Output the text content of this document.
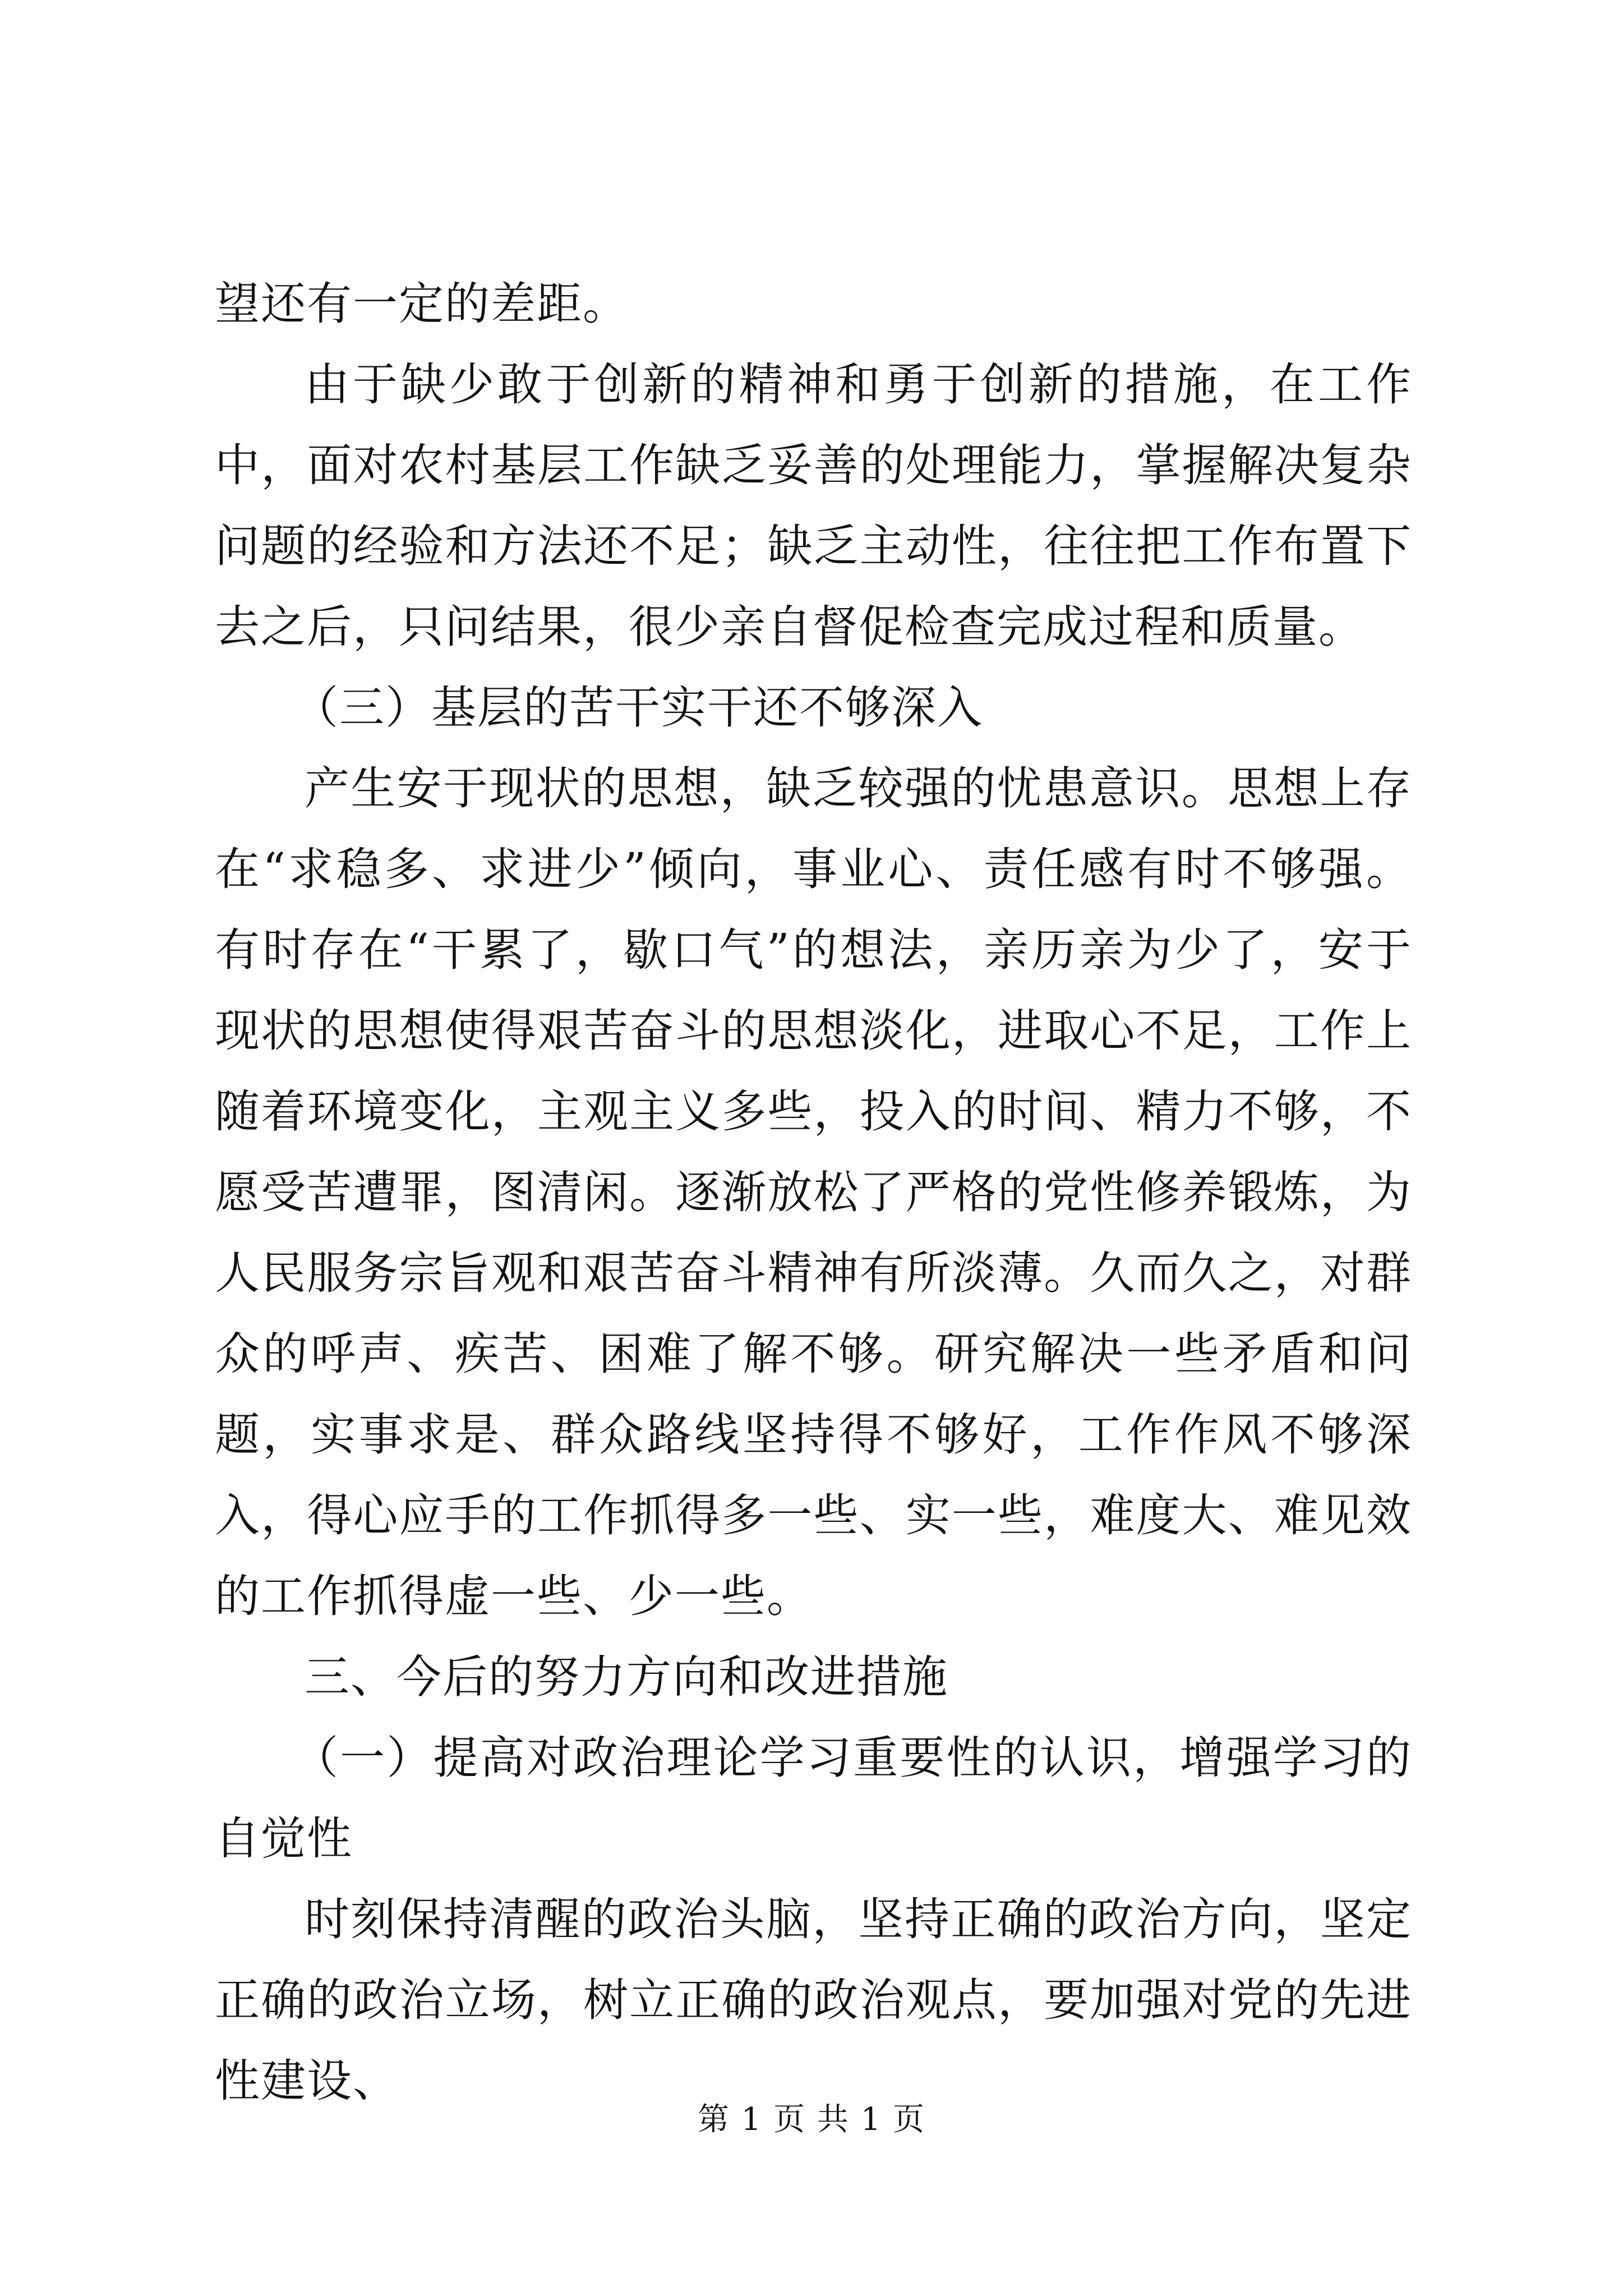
望还有一定的差距。

由于缺少敢于创新的精神和勇于创新的措施，在工作中，面对农村基层工作缺乏妥善的处理能力，掌握解决复杂问题的经验和方法还不足；缺乏主动性，往往把工作布置下去之后，只问结果，很少亲自督促检查完成过程和质量。

（三）基层的苦干实干还不够深入

产生安于现状的思想，缺乏较强的忧患意识。思想上存在“求稳多、求进少”倾向，事业心、责任感有时不够强。有时存在“干累了，歇口气”的想法，亲历亲为少了，安于现状的思想使得艰苦奋斗的思想淡化，进取心不足，工作上随着环境变化，主观主义多些，投入的时间、精力不够，不愿受苦遭罪，图清闲。逐渐放松了严格的党性修养锻炼，为人民服务宗旨观和艰苦奋斗精神有所淡薄。久而久之，对群众的呼声、疾苦、困难了解不够。研究解决一些矛盾和问题，实事求是、群众路线坚持得不够好，工作作风不够深入，得心应手的工作抓得多一些、实一些，难度大、难见效的工作抓得虚一些、少一些。

三、今后的努力方向和改进措施

（一）提高对政治理论学习重要性的认识，增强学习的自觉性

时刻保持清醒的政治头脑，坚持正确的政治方向，坚定正确的政治立场，树立正确的政治观点，要加强对党的先进性建设、

第 1 页 共 1 页
